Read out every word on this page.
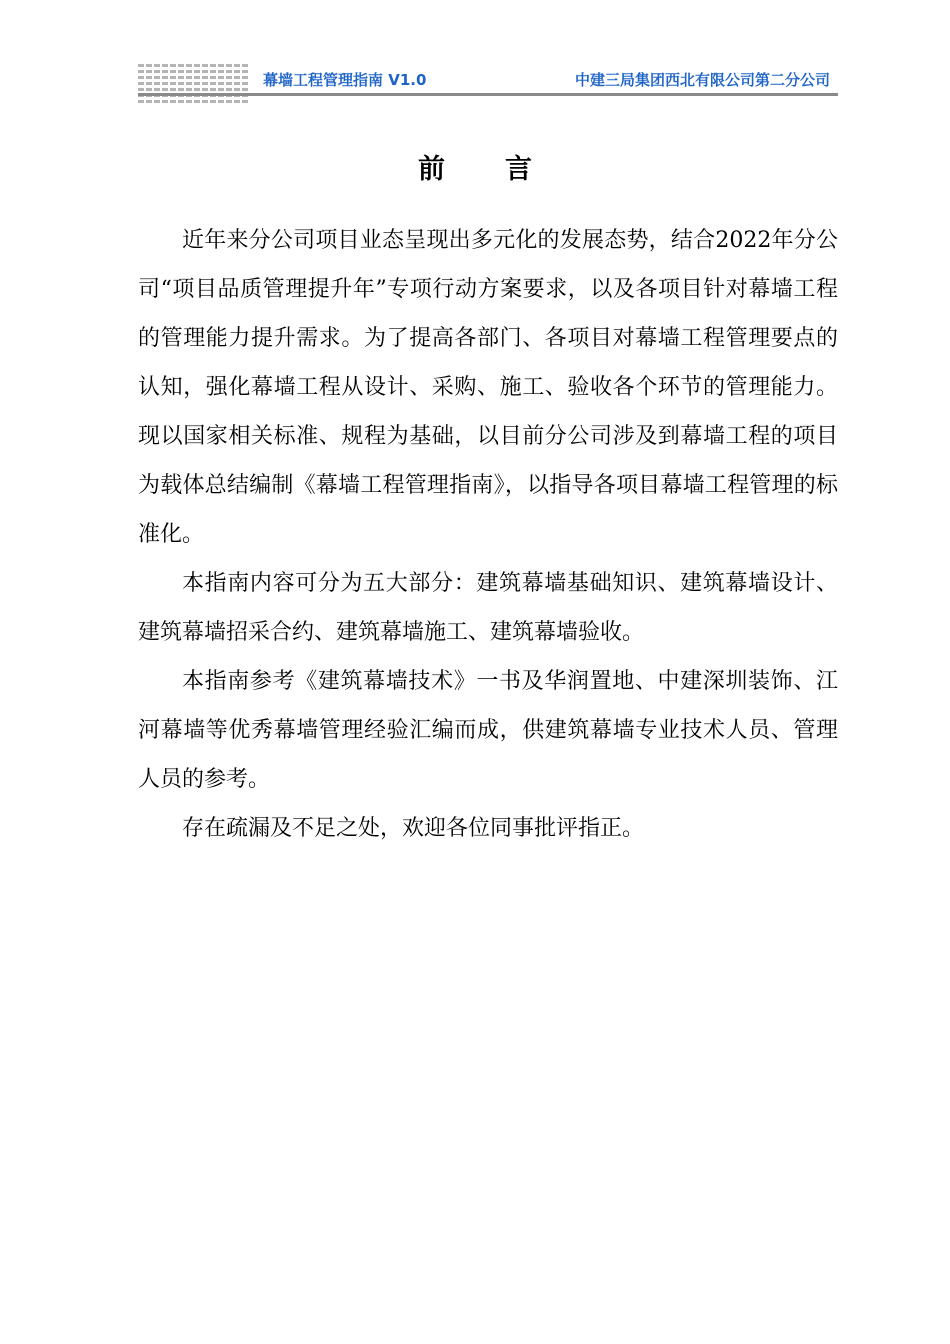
幕墙工程管理指南 V1.0	中建三局集团西北有限公司第二分公司
前言

近年来分公司项目业态呈现出多元化的发展态势，结合2022年分公司“项目品质管理提升年”专项行动方案要求，以及各项目针对幕墙工程的管理能力提升需求。为了提高各部门、各项目对幕墙工程管理要点的认知，强化幕墙工程从设计、采购、施工、验收各个环节的管理能力。现以国家相关标准、规程为基础，以目前分公司涉及到幕墙工程的项目为载体总结编制《幕墙工程管理指南》，以指导各项目幕墙工程管理的标准化。

本指南内容可分为五大部分：建筑幕墙基础知识、建筑幕墙设计、建筑幕墙招采合约、建筑幕墙施工、建筑幕墙验收。

本指南参考《建筑幕墙技术》一书及华润置地、中建深圳装饰、江河幕墙等优秀幕墙管理经验汇编而成，供建筑幕墙专业技术人员、管理人员的参考。

存在疏漏及不足之处，欢迎各位同事批评指正。
